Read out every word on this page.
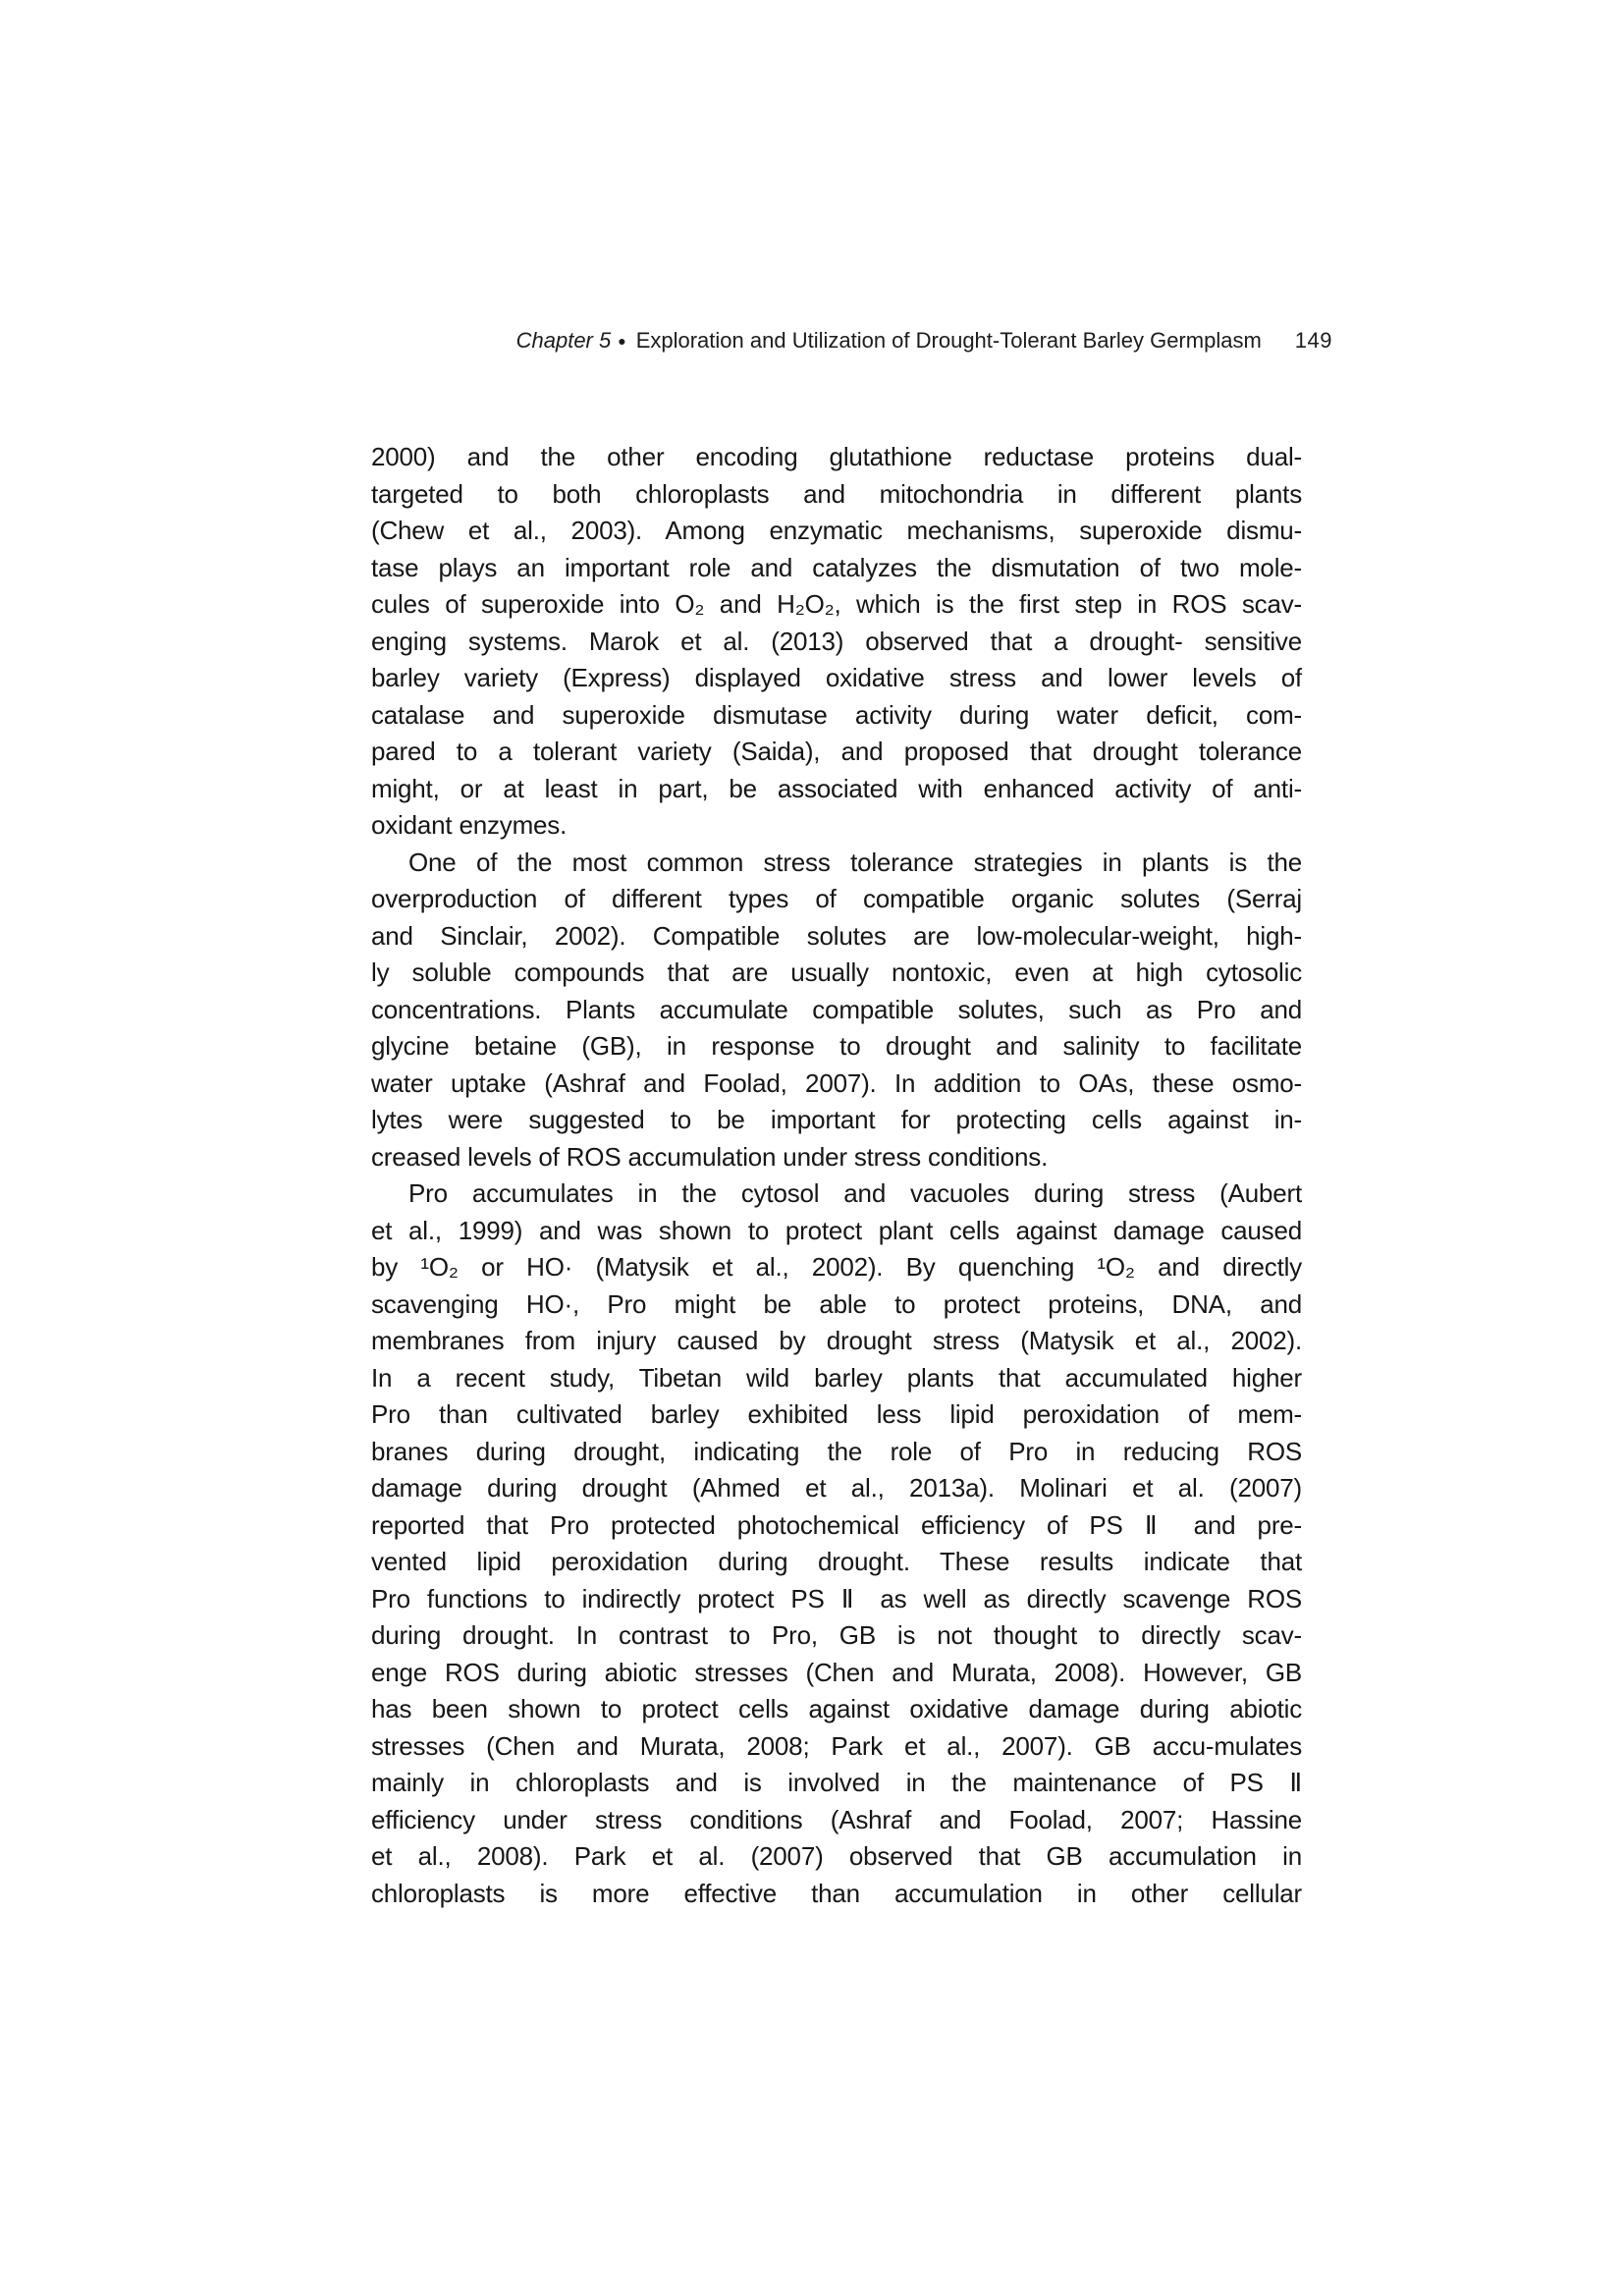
Chapter 5 ● Exploration and Utilization of Drought-Tolerant Barley Germplasm 149
2000) and the other encoding glutathione reductase proteins dual-
targeted to both chloroplasts and mitochondria in different plants
(Chew et al., 2003). Among enzymatic mechanisms, superoxide dismu-
tase plays an important role and catalyzes the dismutation of two mole-
cules of superoxide into O₂ and H₂O₂, which is the first step in ROS scav-
enging systems. Marok et al. (2013) observed that a drought- sensitive
barley variety (Express) displayed oxidative stress and lower levels of
catalase and superoxide dismutase activity during water deficit, com-
pared to a tolerant variety (Saida), and proposed that drought tolerance
might, or at least in part, be associated with enhanced activity of anti-
oxidant enzymes.
One of the most common stress tolerance strategies in plants is the
overproduction of different types of compatible organic solutes (Serraj
and Sinclair, 2002). Compatible solutes are low-molecular-weight, high-
ly soluble compounds that are usually nontoxic, even at high cytosolic
concentrations. Plants accumulate compatible solutes, such as Pro and
glycine betaine (GB), in response to drought and salinity to facilitate
water uptake (Ashraf and Foolad, 2007). In addition to OAs, these osmo-
lytes were suggested to be important for protecting cells against in-
creased levels of ROS accumulation under stress conditions.
Pro accumulates in the cytosol and vacuoles during stress (Aubert
et al., 1999) and was shown to protect plant cells against damage caused
by ¹O₂ or HO· (Matysik et al., 2002). By quenching ¹O₂ and directly
scavenging HO·, Pro might be able to protect proteins, DNA, and
membranes from injury caused by drought stress (Matysik et al., 2002).
In a recent study, Tibetan wild barley plants that accumulated higher
Pro than cultivated barley exhibited less lipid peroxidation of mem-
branes during drought, indicating the role of Pro in reducing ROS
damage during drought (Ahmed et al., 2013a). Molinari et al. (2007)
reported that Pro protected photochemical efficiency of PS Ⅱ and pre-
vented lipid peroxidation during drought. These results indicate that
Pro functions to indirectly protect PS Ⅱ as well as directly scavenge ROS
during drought. In contrast to Pro, GB is not thought to directly scav-
enge ROS during abiotic stresses (Chen and Murata, 2008). However, GB
has been shown to protect cells against oxidative damage during abiotic
stresses (Chen and Murata, 2008; Park et al., 2007). GB accu-mulates
mainly in chloroplasts and is involved in the maintenance of PS Ⅱ
efficiency under stress conditions (Ashraf and Foolad, 2007; Hassine
et al., 2008). Park et al. (2007) observed that GB accumulation in
chloroplasts is more effective than accumulation in other cellular
